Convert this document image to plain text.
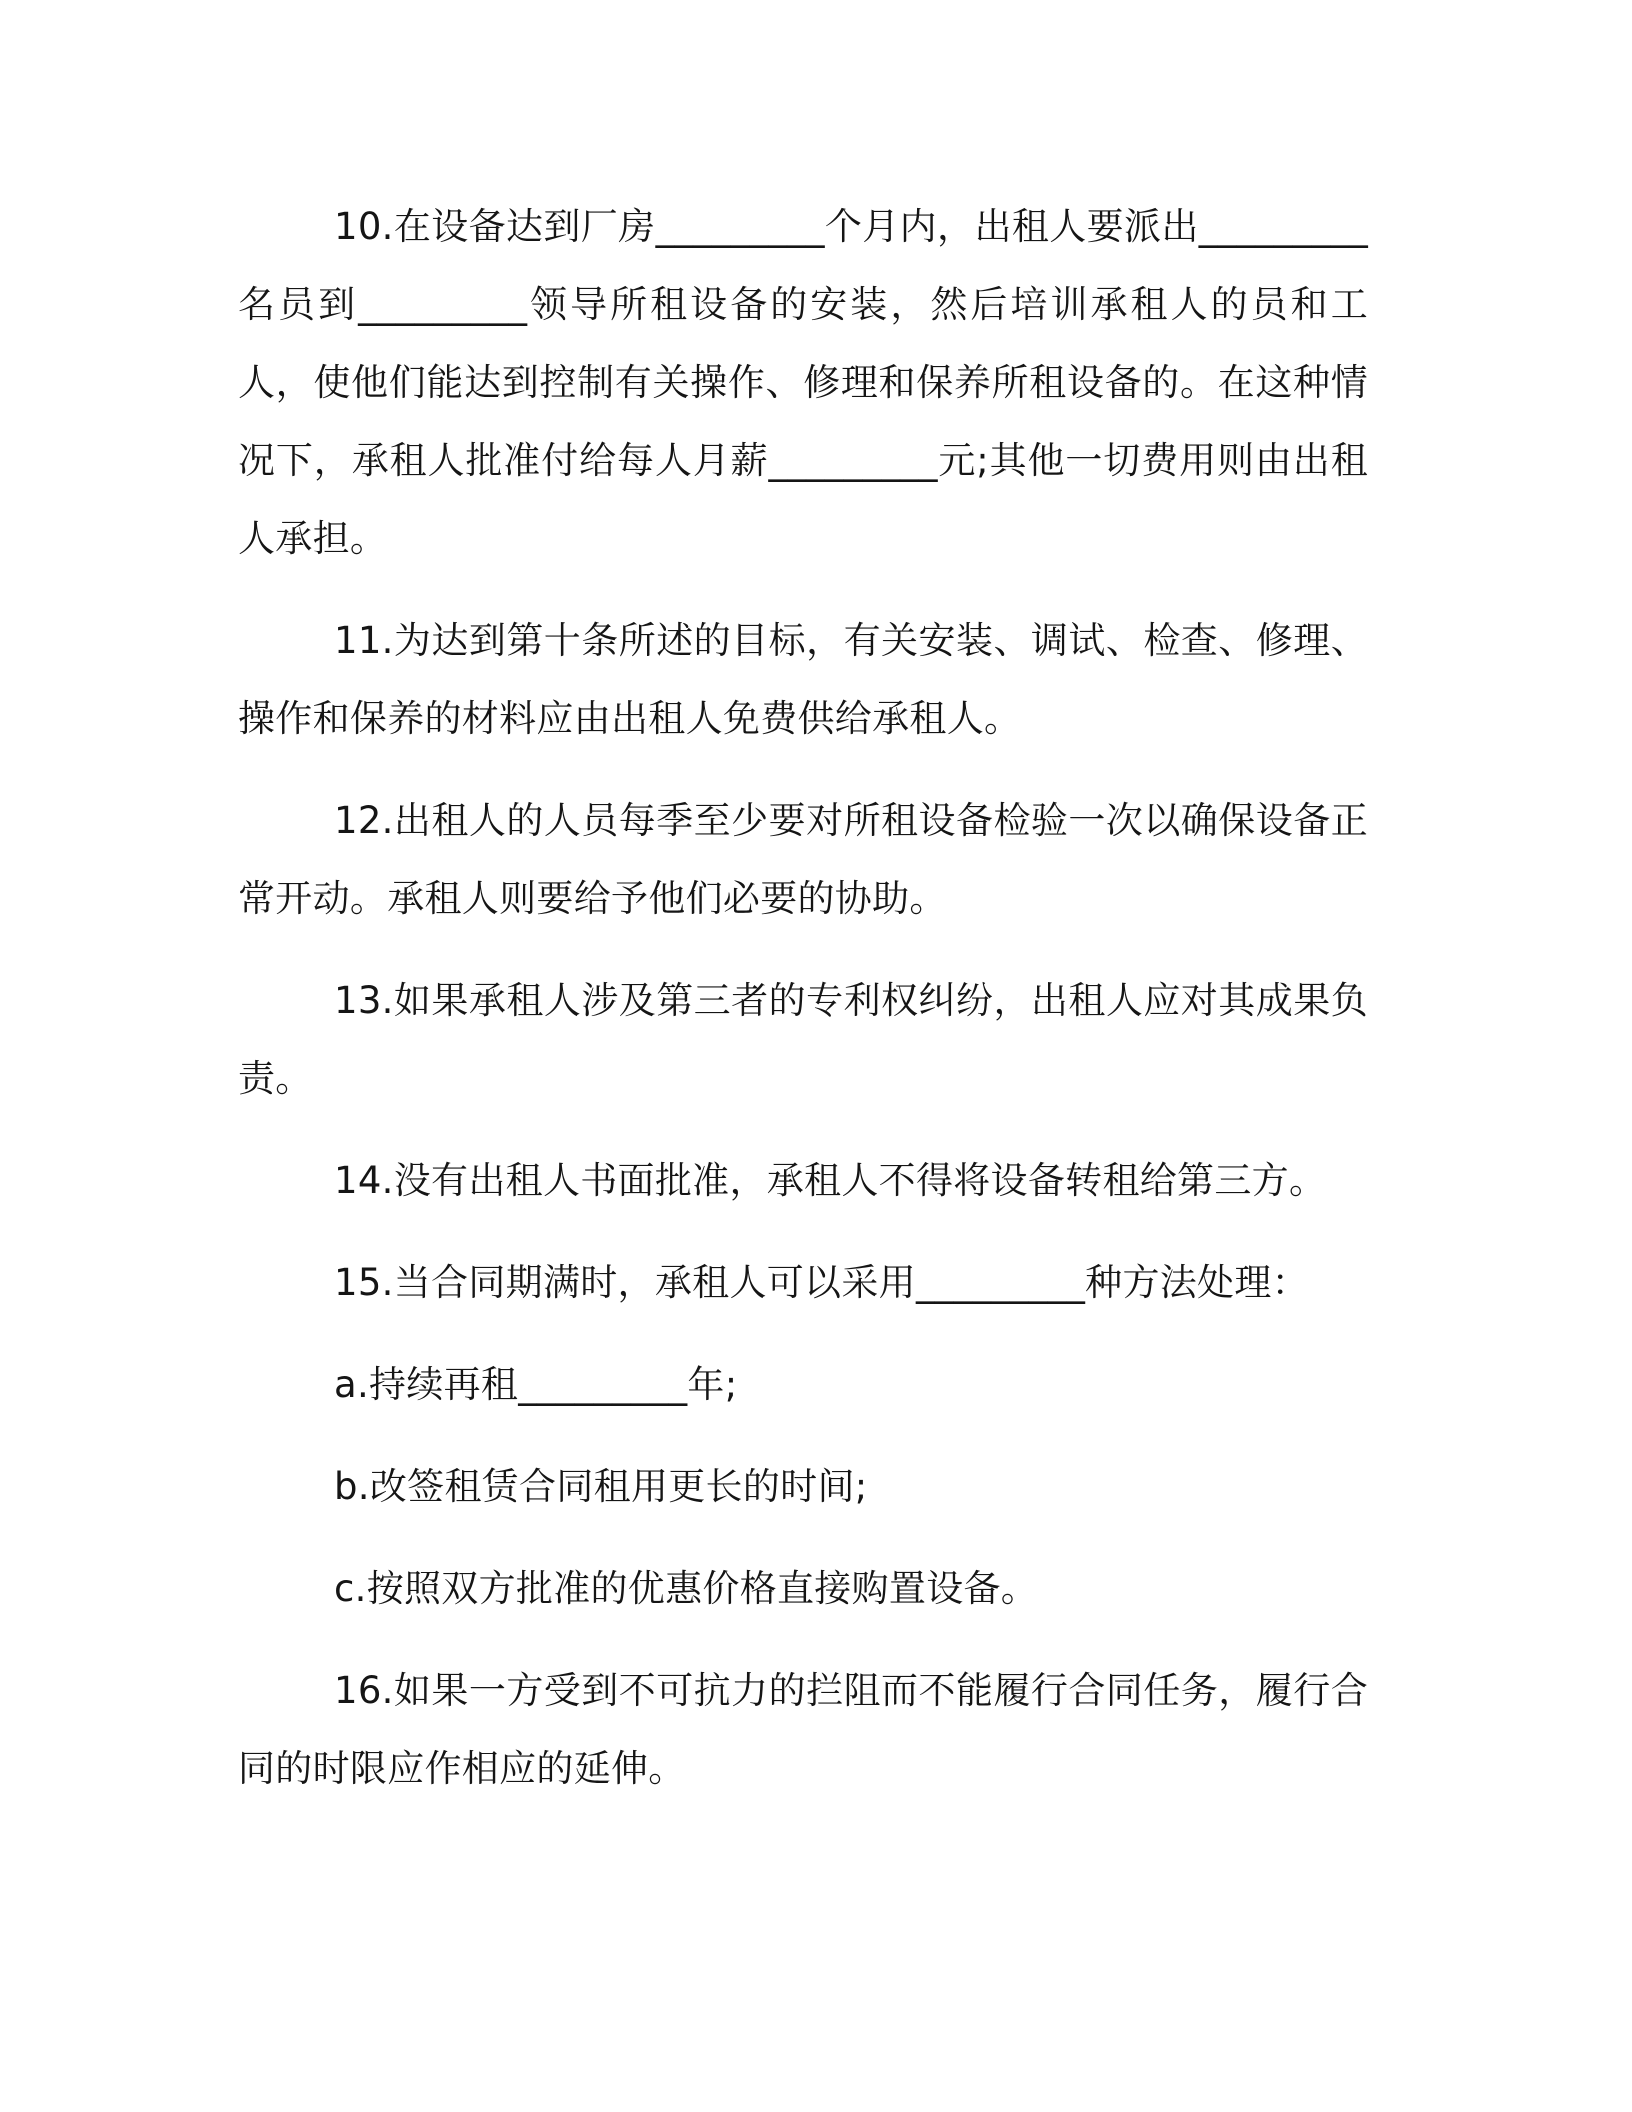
10.在设备达到厂房_________个月内，出租人要派出_________名员到_________领导所租设备的安装，然后培训承租人的员和工人，使他们能达到控制有关操作、修理和保养所租设备的。在这种情况下，承租人批准付给每人月薪_________元;其他一切费用则由出租人承担。

11.为达到第十条所述的目标，有关安装、调试、检查、修理、操作和保养的材料应由出租人免费供给承租人。

12.出租人的人员每季至少要对所租设备检验一次以确保设备正常开动。承租人则要给予他们必要的协助。

13.如果承租人涉及第三者的专利权纠纷，出租人应对其成果负责。

14.没有出租人书面批准，承租人不得将设备转租给第三方。

15.当合同期满时，承租人可以采用_________种方法处理：

a.持续再租_________年;

b.改签租赁合同租用更长的时间;

c.按照双方批准的优惠价格直接购置设备。

16.如果一方受到不可抗力的拦阻而不能履行合同任务，履行合同的时限应作相应的延伸。
